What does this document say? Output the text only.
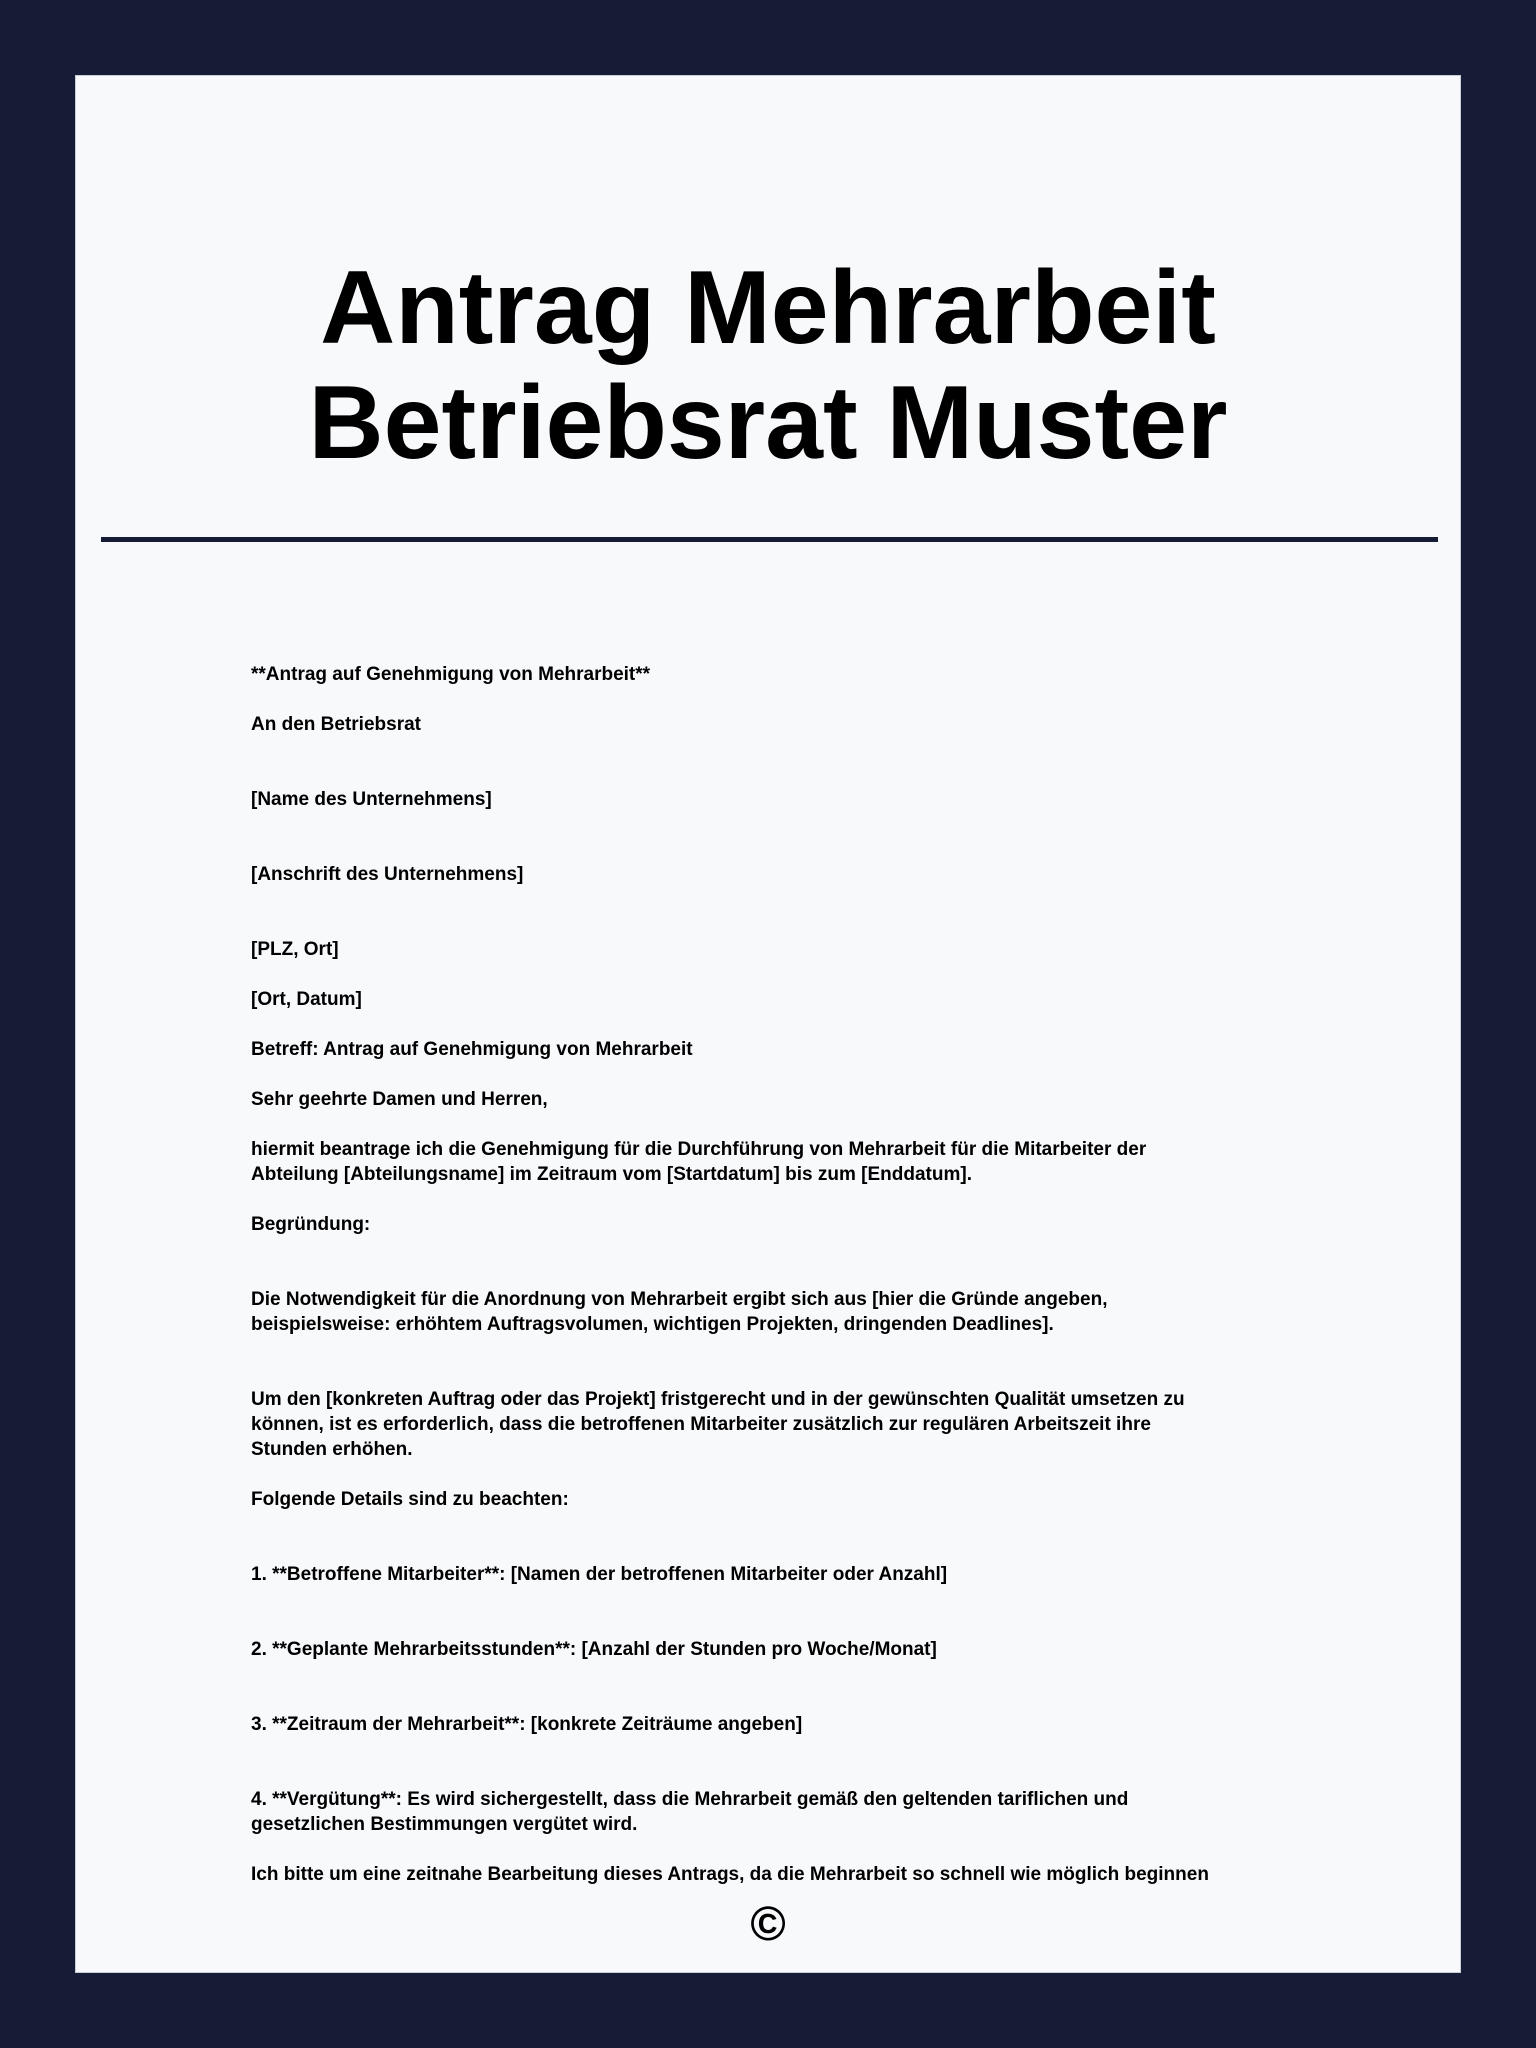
Antrag Mehrarbeit
Betriebsrat Muster
**Antrag auf Genehmigung von Mehrarbeit**
An den Betriebsrat
[Name des Unternehmens]
[Anschrift des Unternehmens]
[PLZ, Ort]
[Ort, Datum]
Betreff: Antrag auf Genehmigung von Mehrarbeit
Sehr geehrte Damen und Herren,
hiermit beantrage ich die Genehmigung für die Durchführung von Mehrarbeit für die Mitarbeiter der
Abteilung [Abteilungsname] im Zeitraum vom [Startdatum] bis zum [Enddatum].
Begründung:
Die Notwendigkeit für die Anordnung von Mehrarbeit ergibt sich aus [hier die Gründe angeben,
beispielsweise: erhöhtem Auftragsvolumen, wichtigen Projekten, dringenden Deadlines].
Um den [konkreten Auftrag oder das Projekt] fristgerecht und in der gewünschten Qualität umsetzen zu
können, ist es erforderlich, dass die betroffenen Mitarbeiter zusätzlich zur regulären Arbeitszeit ihre
Stunden erhöhen.
Folgende Details sind zu beachten:
1. **Betroffene Mitarbeiter**: [Namen der betroffenen Mitarbeiter oder Anzahl]
2. **Geplante Mehrarbeitsstunden**: [Anzahl der Stunden pro Woche/Monat]
3. **Zeitraum der Mehrarbeit**: [konkrete Zeiträume angeben]
4. **Vergütung**: Es wird sichergestellt, dass die Mehrarbeit gemäß den geltenden tariflichen und
gesetzlichen Bestimmungen vergütet wird.
Ich bitte um eine zeitnahe Bearbeitung dieses Antrags, da die Mehrarbeit so schnell wie möglich beginnen
©
